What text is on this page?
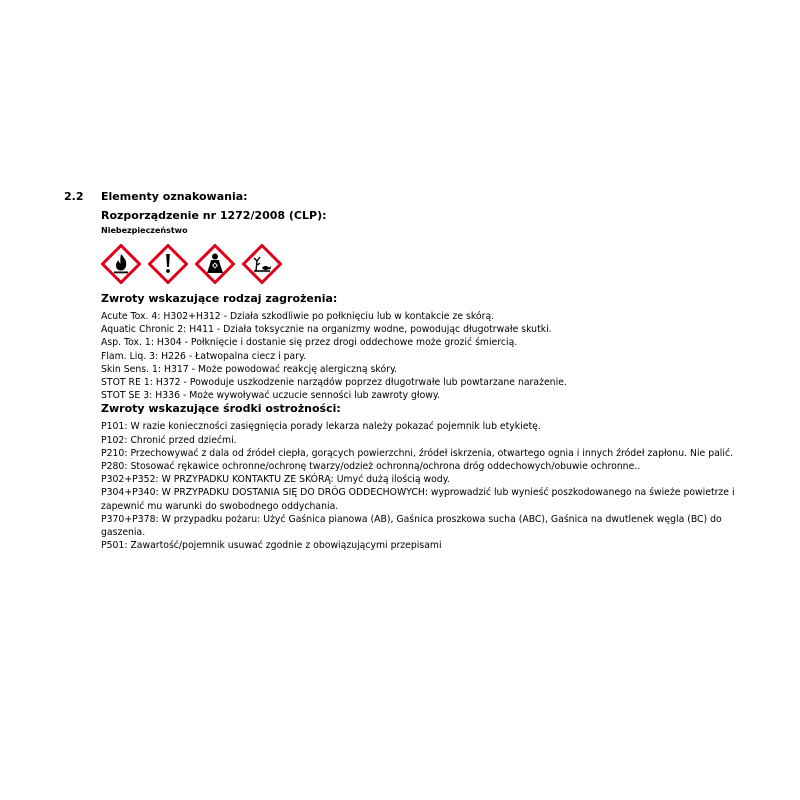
2.2	Elementy oznakowania:
Rozporządzenie nr 1272/2008 (CLP):
Niebezpieczeństwo
Zwroty wskazujące rodzaj zagrożenia:
Acute Tox. 4: H302+H312 - Działa szkodliwie po połknięciu lub w kontakcie ze skórą.
Aquatic Chronic 2: H411 - Działa toksycznie na organizmy wodne, powodując długotrwałe skutki.
Asp. Tox. 1: H304 - Połknięcie i dostanie się przez drogi oddechowe może grozić śmiercią.
Flam. Liq. 3: H226 - Łatwopalna ciecz i pary.
Skin Sens. 1: H317 - Może powodować reakcję alergiczną skóry.
STOT RE 1: H372 - Powoduje uszkodzenie narządów poprzez długotrwałe lub powtarzane narażenie.
STOT SE 3: H336 - Może wywoływać uczucie senności lub zawroty głowy.
Zwroty wskazujące środki ostrożności:
P101: W razie konieczności zasięgnięcia porady lekarza należy pokazać pojemnik lub etykietę.
P102: Chronić przed dziećmi.
P210: Przechowywać z dala od źródeł ciepła, gorących powierzchni, źródeł iskrzenia, otwartego ognia i innych źródeł zapłonu. Nie palić.
P280: Stosować rękawice ochronne/ochronę twarzy/odzież ochronną/ochrona dróg oddechowych/obuwie ochronne..
P302+P352: W PRZYPADKU KONTAKTU ZE SKÓRĄ: Umyć dużą ilością wody.
P304+P340: W PRZYPADKU DOSTANIA SIĘ DO DRÓG ODDECHOWYCH: wyprowadzić lub wynieść poszkodowanego na świeże powietrze i zapewnić mu warunki do swobodnego oddychania.
P370+P378: W przypadku pożaru: Użyć Gaśnica pianowa (AB), Gaśnica proszkowa sucha (ABC), Gaśnica na dwutlenek węgla (BC) do gaszenia.
P501: Zawartość/pojemnik usuwać zgodnie z obowiązującymi przepisami
